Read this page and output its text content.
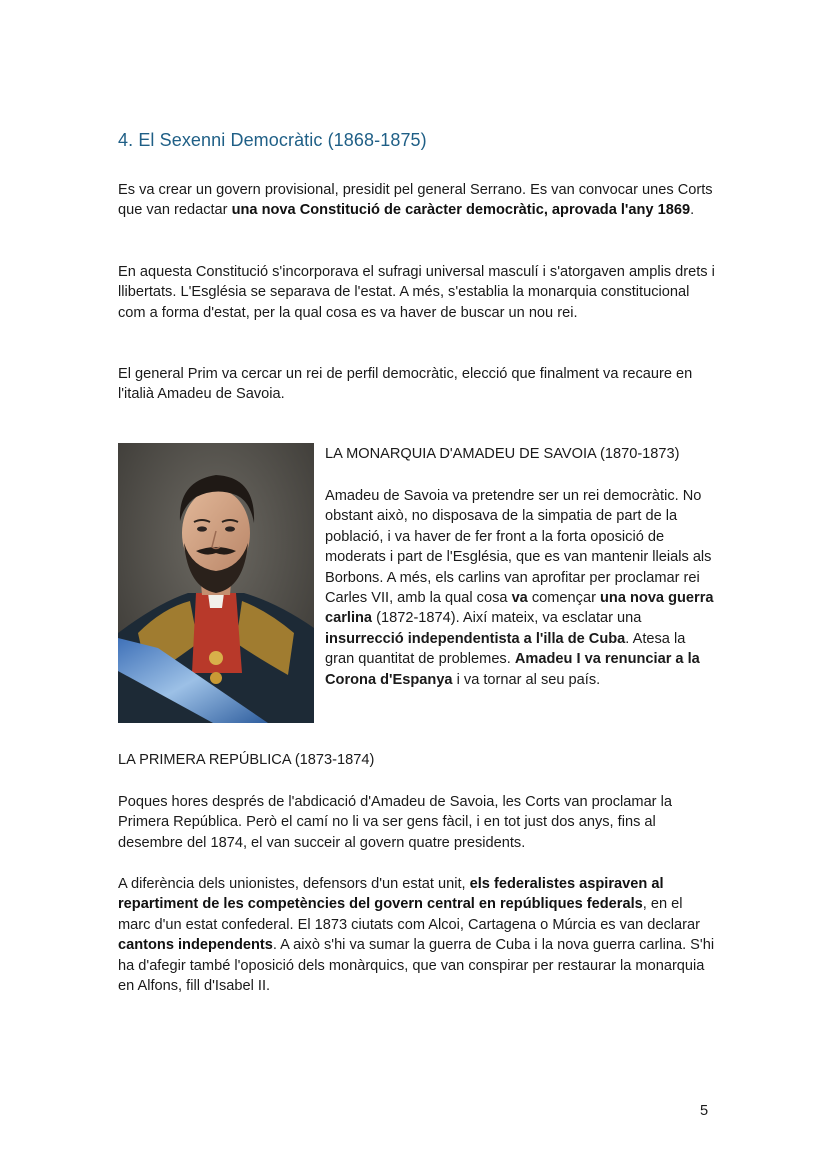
4. El Sexenni Democràtic (1868-1875)

Es va crear un govern provisional, presidit pel general Serrano. Es van convocar unes Corts que van redactar una nova Constitució de caràcter democràtic, aprovada l'any 1869.

En aquesta Constitució s'incorporava el sufragi universal masculí i s'atorgaven amplis drets i llibertats. L'Església se separava de l'estat. A més, s'establia la monarquia constitucional com a forma d'estat, per la qual cosa es va haver de buscar un nou rei.

El general Prim va cercar un rei de perfil democràtic, elecció que finalment va recaure en l'italià Amadeu de Savoia.

LA MONARQUIA D'AMADEU DE SAVOIA (1870-1873)

Amadeu de Savoia va pretendre ser un rei democràtic. No obstant això, no disposava de la simpatia de part de la població, i va haver de fer front a la forta oposició de moderats i part de l'Església, que es van mantenir lleials als Borbons. A més, els carlins van aprofitar per proclamar rei Carles VII, amb la qual cosa va començar una nova guerra carlina (1872-1874). Així mateix, va esclatar una insurrecció independentista a l'illa de Cuba. Atesa la gran quantitat de problemes. Amadeu I va renunciar a la Corona d'Espanya i va tornar al seu país.

LA PRIMERA REPÚBLICA (1873-1874)

Poques hores després de l'abdicació d'Amadeu de Savoia, les Corts van proclamar la Primera República. Però el camí no li va ser gens fàcil, i en tot just dos anys, fins al desembre del 1874, el van succeir al govern quatre presidents.

A diferència dels unionistes, defensors d'un estat unit, els federalistes aspiraven al repartiment de les competències del govern central en repúbliques federals, en el marc d'un estat confederal. El 1873 ciutats com Alcoi, Cartagena o Múrcia es van declarar cantons independents. A això s'hi va sumar la guerra de Cuba i la nova guerra carlina. S'hi ha d'afegir també l'oposició dels monàrquics, que van conspirar per restaurar la monarquia en Alfons, fill d'Isabel II.

5
